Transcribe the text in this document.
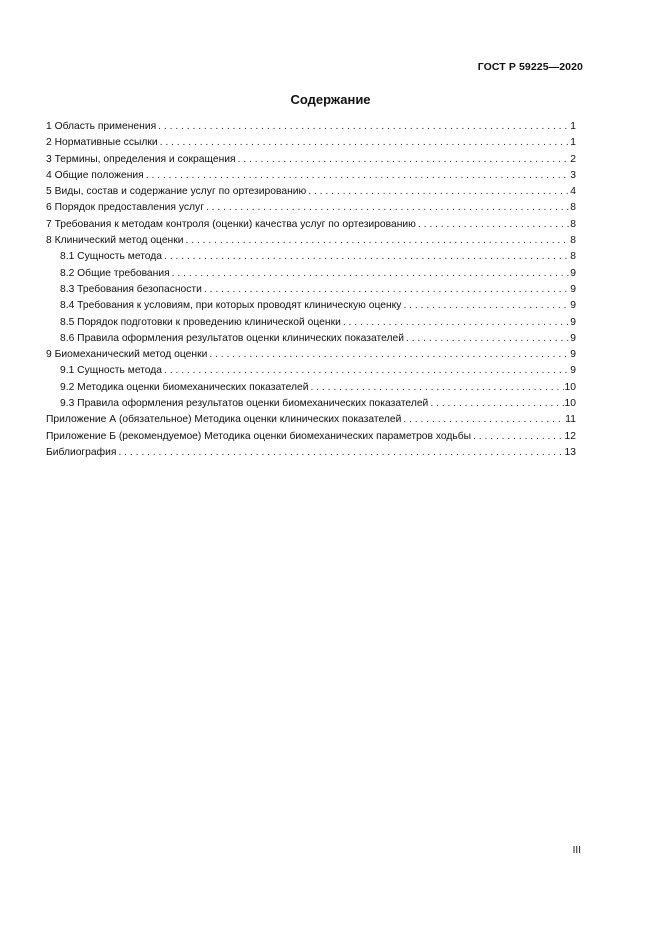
ГОСТ Р 59225—2020
Содержание
1 Область применения . . .	1
2 Нормативные ссылки . . .	1
3 Термины, определения и сокращения . . .	2
4 Общие положения . . .	3
5 Виды, состав и содержание услуг по ортезированию . . .	4
6 Порядок предоставления услуг . . .	8
7 Требования к методам контроля (оценки) качества услуг по ортезированию . . .	8
8 Клинический метод оценки . . .	8
8.1 Сущность метода . . .	8
8.2 Общие требования . . .	9
8.3 Требования безопасности . . .	9
8.4 Требования к условиям, при которых проводят клиническую оценку . . .	9
8.5 Порядок подготовки к проведению клинической оценки . . .	9
8.6 Правила оформления результатов оценки клинических показателей . . .	9
9 Биомеханический метод оценки . . .	9
9.1 Сущность метода . . .	9
9.2 Методика оценки биомеханических показателей . . .	10
9.3 Правила оформления результатов оценки биомеханических показателей . . .	10
Приложение А (обязательное) Методика оценки клинических показателей . . .	11
Приложение Б (рекомендуемое) Методика оценки биомеханических параметров ходьбы . . .	12
Библиография . . .	13
III
